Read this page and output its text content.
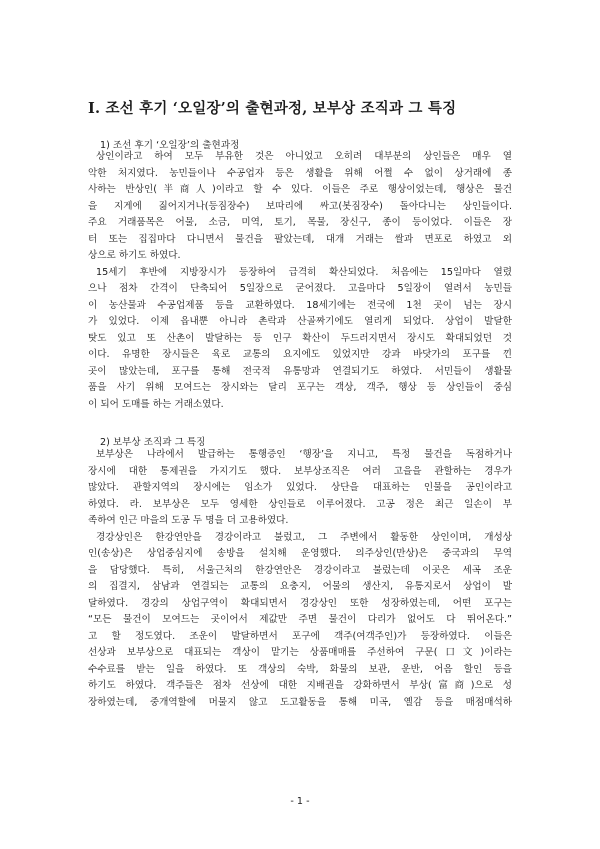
Ⅰ. 조선 후기 ‘오일장’의 출현과정, 보부상 조직과 그 특징
1) 조선 후기 ‘오일장’의 출현과정
상인이라고 하여 모두 부유한 것은 아니었고 오히려 대부분의 상인들은 매우 열
악한 처지였다. 농민들이나 수공업자 등은 생활을 위해 어쩔 수 없이 상거래에 종
사하는 반상인(半商人)이라고 할 수 있다. 이들은 주로 행상이었는데, 행상은 물건
을 지게에 짊어지거나(등짐장수) 보따리에 싸고(봇짐장수) 돌아다니는 상인들이다.
주요 거래품목은 어물, 소금, 미역, 토기, 목물, 장신구, 종이 등이었다. 이들은 장
터 또는 집집마다 다니면서 물건을 팔았는데, 대개 거래는 쌀과 면포로 하였고 외
상으로 하기도 하였다.
15세기 후반에 지방장시가 등장하여 급격히 확산되었다. 처음에는 15일마다 열렸
으나 점차 간격이 단축되어 5일장으로 굳어졌다. 고을마다 5일장이 열려서 농민들
이 농산물과 수공업제품 등을 교환하였다. 18세기에는 전국에 1천 곳이 넘는 장시
가 있었다. 이제 읍내뿐 아니라 촌락과 산골짜기에도 열리게 되었다. 상업이 발달한
탓도 있고 또 산촌이 발달하는 등 인구 확산이 두드러지면서 장시도 확대되었던 것
이다. 유명한 장시들은 육로 교통의 요지에도 있었지만 강과 바닷가의 포구를 낀
곳이 많았는데, 포구를 통해 전국적 유통망과 연결되기도 하였다. 서민들이 생활물
품을 사기 위해 모여드는 장시와는 달리 포구는 객상, 객주, 행상 등 상인들이 중심
이 되어 도매를 하는 거래소였다.
2) 보부상 조직과 그 특징
보부상은 나라에서 발급하는 통행증인 ‘행장’을 지니고, 특정 물건을 독점하거나
장시에 대한 통제권을 가지기도 했다. 보부상조직은 여러 고을을 관할하는 경우가
많았다. 관할지역의 장시에는 임소가 있었다. 상단을 대표하는 인물을 공인이라고
하였다. 라. 보부상은 모두 영세한 상인들로 이루어졌다. 고공 정은 최근 일손이 부
족하여 인근 마을의 도공 두 명을 더 고용하였다.
경강상인은 한강연안을 경강이라고 불렀고, 그 주변에서 활동한 상인이며, 개성상
인(송상)은 상업중심지에 송방을 설치해 운영했다. 의주상인(만상)은 중국과의 무역
을 담당했다. 특히, 서울근처의 한강연안은 경강이라고 불렀는데 이곳은 세곡 조운
의 집결지, 삼남과 연결되는 교통의 요충지, 어물의 생산지, 유통지로서 상업이 발
달하였다. 경강의 상업구역이 확대되면서 경강상인 또한 성장하였는데, 어떤 포구는
“모든 물건이 모여드는 곳이어서 제값만 주면 물건이 다리가 없어도 다 뛰어온다.”
고 할 정도였다. 조운이 발달하면서 포구에 객주(여객주인)가 등장하였다. 이들은
선상과 보부상으로 대표되는 객상이 맡기는 상품매매를 주선하여 구문(口文)이라는
수수료를 받는 일을 하였다. 또 객상의 숙박, 화물의 보관, 운반, 어음 할인 등을
하기도 하였다. 객주들은 점차 선상에 대한 지배권을 강화하면서 부상(富商)으로 성
장하였는데, 중개역할에 머물지 않고 도고활동을 통해 미곡, 옐감 등을 매점매석하
- 1 -
